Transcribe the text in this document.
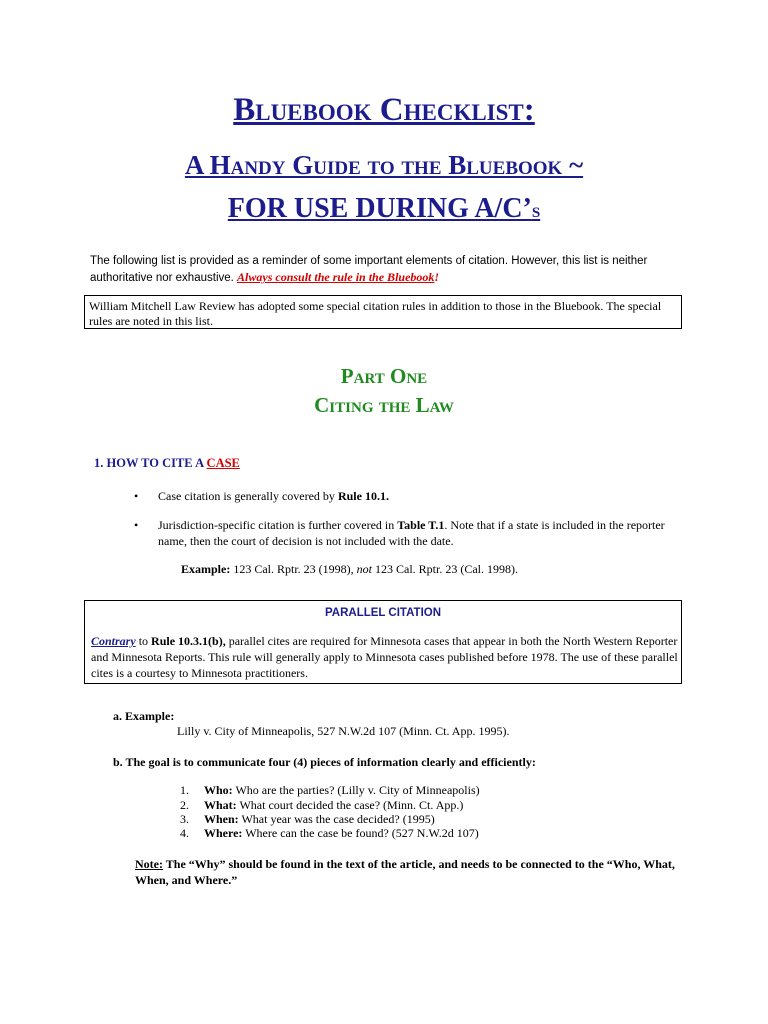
Bluebook Checklist:
A Handy Guide to the Bluebook ~
FOR USE DURING A/C’s
The following list is provided as a reminder of some important elements of citation. However, this list is neither authoritative nor exhaustive. Always consult the rule in the Bluebook!
William Mitchell Law Review has adopted some special citation rules in addition to those in the Bluebook. The special rules are noted in this list.
Part One
Citing the Law
1. HOW TO CITE A CASE
• Case citation is generally covered by Rule 10.1.
• Jurisdiction-specific citation is further covered in Table T.1. Note that if a state is included in the reporter name, then the court of decision is not included with the date.
Example: 123 Cal. Rptr. 23 (1998), not 123 Cal. Rptr. 23 (Cal. 1998).
PARALLEL CITATION
Contrary to Rule 10.3.1(b), parallel cites are required for Minnesota cases that appear in both the North Western Reporter and Minnesota Reports. This rule will generally apply to Minnesota cases published before 1978. The use of these parallel cites is a courtesy to Minnesota practitioners.
a. Example:
Lilly v. City of Minneapolis, 527 N.W.2d 107 (Minn. Ct. App. 1995).
b. The goal is to communicate four (4) pieces of information clearly and efficiently:
1. Who: Who are the parties? (Lilly v. City of Minneapolis)
2. What: What court decided the case? (Minn. Ct. App.)
3. When: What year was the case decided? (1995)
4. Where: Where can the case be found? (527 N.W.2d 107)
Note: The “Why” should be found in the text of the article, and needs to be connected to the “Who, What, When, and Where.”
